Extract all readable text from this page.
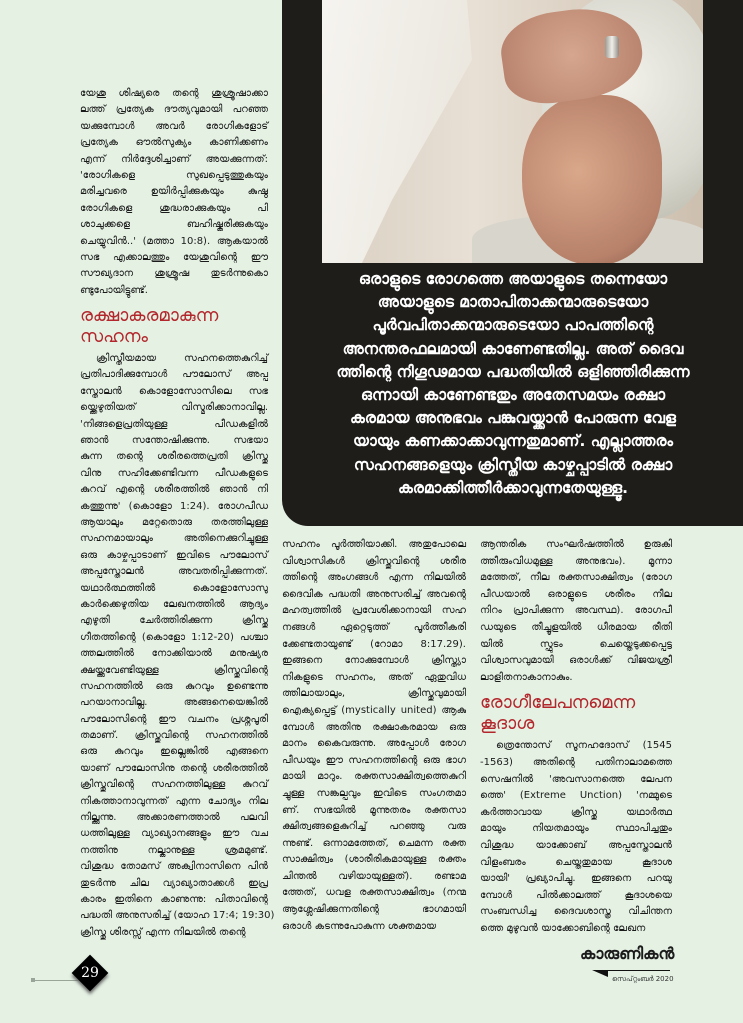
ഒരാളുടെ രോഗത്തെ അയാളുടെ തന്നെയോ
അയാളുടെ മാതാപിതാക്കന്മാരുടെയോ
പൂർവപിതാക്കന്മാരുടെയോ പാപത്തിന്റെ
അനന്തരഫലമായി കാണേണ്ടതില്ല. അത് ദൈവ
ത്തിന്റെ നിഗൂഢമായ പദ്ധതിയിൽ ഒളിഞ്ഞിരിക്കുന്ന
ഒന്നായി കാണേണ്ടതും അതേസമയം രക്ഷാ
കരമായ അനുഭവം പങ്കുവയ്ക്കാൻ പോരുന്ന വേള
യായും കണക്കാക്കാവുന്നതുമാണ്. എല്ലാത്തരം
സഹനങ്ങളെയും ക്രിസ്തീയ കാഴ്ചപ്പാടിൽ രക്ഷാ
കരമാക്കിത്തീർക്കാവുന്നതേയുള്ളൂ.
യേശു ശിഷ്യരെ തന്റെ ശുശ്രൂഷാക്കാ
ലത്ത് പ്രത്യേക ദൗത്യവുമായി പറഞ്ഞ
യക്കുമ്പോൾ അവർ രോഗികളോട്
പ്രത്യേക ഔൽസുക്യം കാണിക്കണം
എന്ന് നിർദ്ദേശിച്ചാണ് അയക്കുന്നത്:
'രോഗികളെ സുഖപ്പെടുത്തുകയും
മരിച്ചവരെ ഉയിർപ്പിക്കുകയും കുഷ്ഠ
രോഗികളെ ശുദ്ധരാക്കുകയും പി
ശാചുക്കളെ ബഹിഷ്കരിക്കുകയും
ചെയ്യുവിൻ..' (മത്താ 10:8). ആകയാൽ
സഭ എക്കാലത്തും യേശുവിന്റെ ഈ
സൗഖ്യദാന ശുശ്രൂഷ തുടർന്നുകൊ
ണ്ടുപോയിട്ടുണ്ട്.
രക്ഷാകരമാകുന്ന
സഹനം
ക്രിസ്തീയമായ സഹനത്തെകുറിച്ച്
പ്രതിപാദിക്കുമ്പോൾ പൗലോസ് അപ്പ
സ്തോലൻ കൊളോസോസിലെ സഭ
യ്ക്കെഴുതിയത് വിസ്മരിക്കാനാവില്ല.
'നിങ്ങളെപ്രതിയുള്ള പീഡകളിൽ
ഞാൻ സന്തോഷിക്കുന്നു. സഭയാ
കുന്ന തന്റെ ശരീരത്തെപ്രതി ക്രിസ്തു
വിനു സഹിക്കേണ്ടിവന്ന പീഡകളുടെ
കുറവ് എന്റെ ശരീരത്തിൽ ഞാൻ നി
കത്തുന്നു' (കൊളോ 1:24). രോഗപീഡ
ആയാലും മറ്റേതൊരു തരത്തിലുള്ള
സഹനമായാലും അതിനെക്കുറിച്ചുള്ള
ഒരു കാഴ്ചപ്പാടാണ് ഇവിടെ പൗലോസ്
അപ്പസ്തോലൻ അവതരിപ്പിക്കുന്നത്.
യഥാർത്ഥത്തിൽ കൊളോസോസു
കാർക്കെഴുതിയ ലേഖനത്തിൽ ആദ്യം
എഴുതി ചേർത്തിരിക്കുന്ന ക്രിസ്തു
ഗീതത്തിന്റെ (കൊളോ 1:12-20) പശ്ചാ
ത്തലത്തിൽ നോക്കിയാൽ മനുഷ്യര
ക്ഷയ്ക്കുവേണ്ടിയുള്ള ക്രിസ്തുവിന്റെ
സഹനത്തിൽ ഒരു കുറവും ഉണ്ടെന്നു
പറയാനാവില്ല. അങ്ങനെയെങ്കിൽ
പൗലോസിന്റെ ഈ വചനം പ്രശ്നപൂരി
തമാണ്. ക്രിസ്തുവിന്റെ സഹനത്തിൽ
ഒരു കുറവും ഇല്ലെങ്കിൽ എങ്ങനെ
യാണ് പൗലോസിനു തന്റെ ശരീരത്തിൽ
ക്രിസ്തുവിന്റെ സഹനത്തിലുള്ള കുറവ്
നികത്താനാവുന്നത് എന്ന ചോദ്യം നില
നില്ക്കുന്നു. അക്കാരണത്താൽ പലവി
ധത്തിലുള്ള വ്യാഖ്യാനങ്ങളും ഈ വച
നത്തിനു നല്കാനുള്ള ശ്രമമുണ്ട്.
വിശുദ്ധ തോമസ് അക്വിനാസിനെ പിൻ
തുടർന്നു ചില വ്യാഖ്യാതാക്കൾ ഇപ്ര
കാരം ഇതിനെ കാണുന്നു: പിതാവിന്റെ
പദ്ധതി അനുസരിച്ച് (യോഹ 17:4; 19:30)
ക്രിസ്തു ശിരസ്സ് എന്ന നിലയിൽ തന്റെ
സഹനം പൂർത്തിയാക്കി. അതുപോലെ
വിശ്വാസികൾ ക്രിസ്തുവിന്റെ ശരീര
ത്തിന്റെ അംഗങ്ങൾ എന്ന നിലയിൽ
ദൈവിക പദ്ധതി അനുസരിച്ച് അവന്റെ
മഹത്വത്തിൽ പ്രവേശിക്കാനായി സഹ
നങ്ങൾ ഏറ്റെടുത്ത് പൂർത്തീകരി
ക്കേണ്ടതായുണ്ട് (റോമാ 8:17.29).
ഇങ്ങനെ നോക്കുമ്പോൾ ക്രിസ്ത്യാ
നികളുടെ സഹനം, അത് ഏതുവിധ
ത്തിലായാലും, ക്രിസ്തുവുമായി
ഐക്യപ്പെട്ട് (mystically united) ആകു
മ്പോൾ അതിനു രക്ഷാകരമായ ഒരു
മാനം കൈവരുന്നു. അപ്പോൾ രോഗ
പീഡയും ഈ സഹനത്തിന്റെ ഒരു ഭാഗ
മായി മാറും. രക്തസാക്ഷിത്വത്തെകുറി
ച്ചുള്ള സങ്കല്പവും ഇവിടെ സംഗതമാ
ണ്. സഭയിൽ മൂന്നുതരം രക്തസാ
ക്ഷിത്വങ്ങളെകുറിച്ച് പറഞ്ഞു വരു
ന്നുണ്ട്. ഒന്നാമത്തേത്, ചെമന്ന രക്ത
സാക്ഷിത്വം (ശാരീരികമായുള്ള രക്തം
ചിന്തൽ വഴിയായുള്ളത്). രണ്ടാമ
ത്തേത്, ധവള രക്തസാക്ഷിത്വം (നന്മ
ആശ്ലേഷിക്കുന്നതിന്റെ ഭാഗമായി
ഒരാൾ കടന്നുപോകുന്ന ശക്തമായ
ആന്തരിക സംഘർഷത്തിൽ ഉരുകി
ത്തീരുംവിധമുള്ള അനുഭവം). മൂന്നാ
മത്തേത്, നീല രക്തസാക്ഷിത്വം (രോഗ
പീഡയാൽ ഒരാളുടെ ശരീരം നീല
നിറം പ്രാപിക്കുന്ന അവസ്ഥ). രോഗപീ
ഡയുടെ തീച്ചൂളയിൽ ധീരമായ രീതി
യിൽ സ്ഫുടം ചെയ്തെടുക്കപ്പെട്ട
വിശ്വാസവുമായി ഒരാൾക്ക് വിജയശ്രീ
ലാളിതനാകാനാകും.
രോഗീലേപനമെന്ന
കൂദാശ
ത്രെന്തോസ് സൂനഹദോസ് (1545
-1563) അതിന്റെ പതിനാലാമത്തെ
സെഷനിൽ 'അവസാനത്തെ ലേപന
ത്തെ' (Extreme Unction) 'നമ്മുടെ
കർത്താവായ ക്രിസ്തു യഥാർത്ഥ
മായും നിയതമായും സ്ഥാപിച്ചതും
വിശുദ്ധ യാക്കോബ് അപ്പസ്തോലൻ
വിളംബരം ചെയ്തതുമായ കൂദാശ
യായി' പ്രഖ്യാപിച്ചു. ഇങ്ങനെ പറയു
മ്പോൾ പിൽക്കാലത്ത് കൂദാശയെ
സംബന്ധിച്ച ദൈവശാസ്ത്ര വിചിന്തന
ത്തെ മുഴുവൻ യാക്കോബിന്റെ ലേഖന
കാരുണികൻ
സെപ്റ്റംബർ 2020
29
